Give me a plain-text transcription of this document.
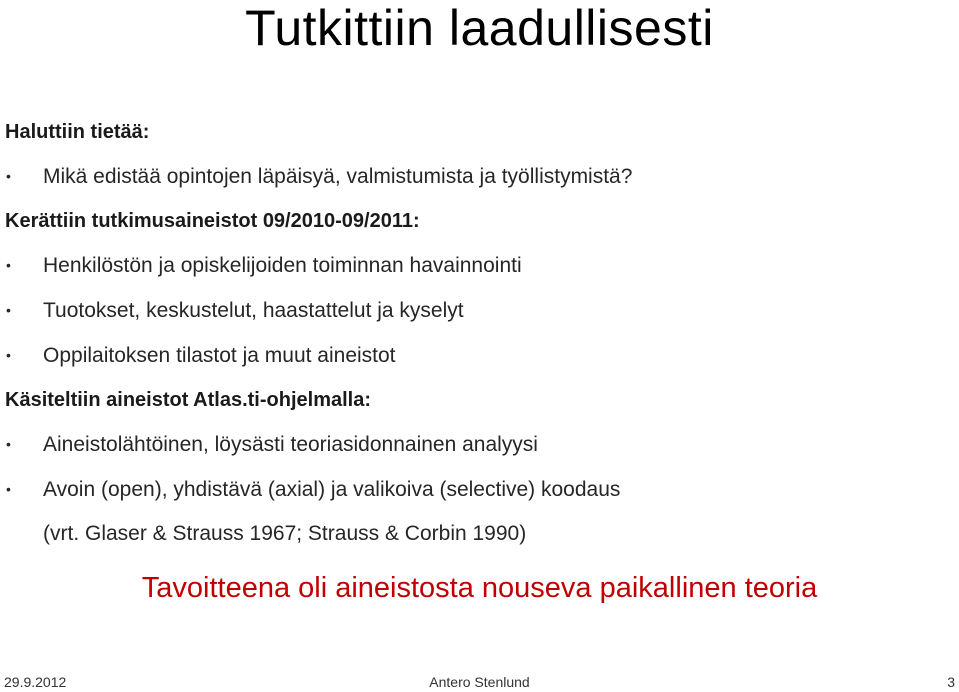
Tutkittiin laadullisesti
Haluttiin tietää:
• Mikä edistää opintojen läpäisyä, valmistumista ja työllistymistä?
Kerättiin tutkimusaineistot 09/2010-09/2011:
• Henkilöstön ja opiskelijoiden toiminnan havainnointi
• Tuotokset, keskustelut, haastattelut ja kyselyt
• Oppilaitoksen tilastot ja muut aineistot
Käsiteltiin aineistot Atlas.ti-ohjelmalla:
• Aineistolähtöinen, löysästi teoriasidonnainen analyysi
• Avoin (open), yhdistävä (axial) ja valikoiva (selective) koodaus
(vrt. Glaser & Strauss 1967; Strauss & Corbin 1990)
Tavoitteena oli aineistosta nouseva paikallinen teoria
29.9.2012	Antero Stenlund	3
